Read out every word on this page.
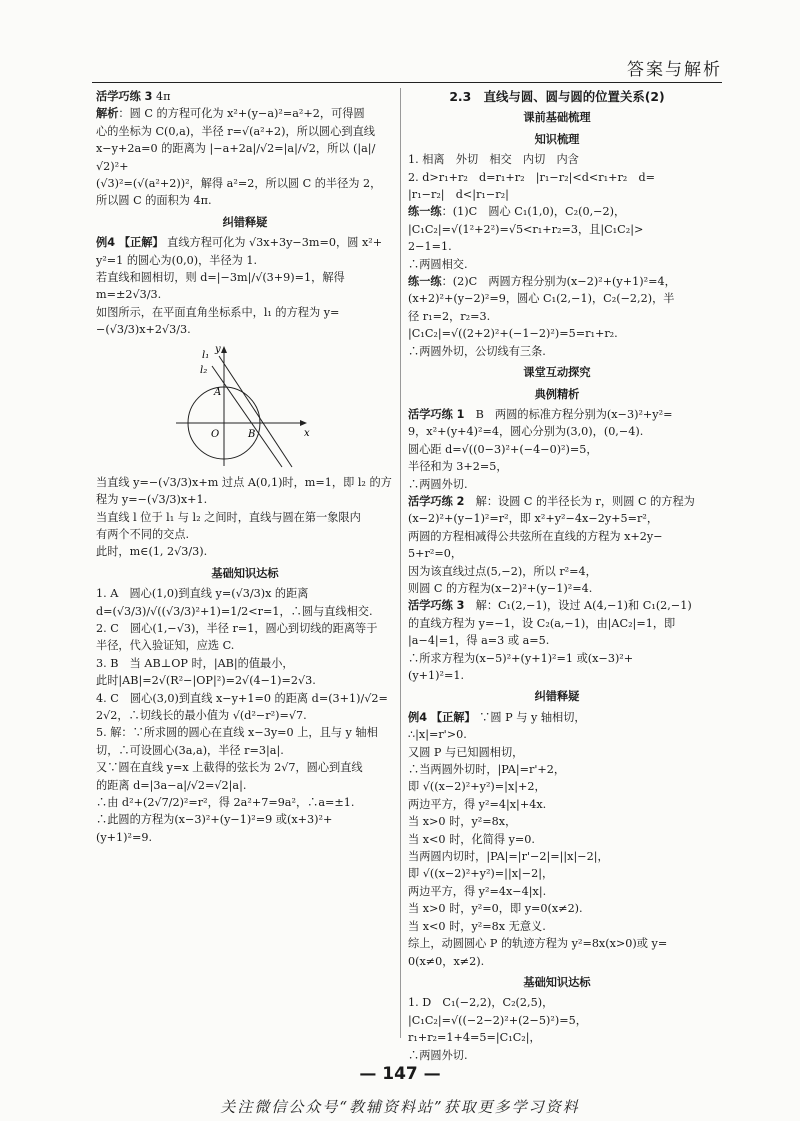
答案与解析
活学巧练 3 4π
解析：圆 C 的方程可化为 x²+(y−a)²=a²+2，可得圆
心的坐标为 C(0,a)，半径 r=√(a²+2)，所以圆心到直线
x−y+2a=0 的距离为 |−a+2a|/√2=|a|/√2，所以 (|a|/√2)²+
(√3)²=(√(a²+2))²，解得 a²=2，所以圆 C 的半径为 2，
所以圆 C 的面积为 4π.
纠错释疑
例4 【正解】 直线方程可化为 √3x+3y−3m=0，圆 x²+
y²=1 的圆心为(0,0)，半径为 1.
若直线和圆相切，则 d=|−3m|/√(3+9)=1，解得 m=±2√3/3.
如图所示，在平面直角坐标系中，l₁ 的方程为 y=
−(√3/3)x+2√3/3.
y
l₁
l₂
A
O	B	x
当直线 y=−(√3/3)x+m 过点 A(0,1)时，m=1，即 l₂ 的方
程为 y=−(√3/3)x+1.
当直线 l 位于 l₁ 与 l₂ 之间时，直线与圆在第一象限内
有两个不同的交点.
此时，m∈(1, 2√3/3).
基础知识达标
1. A　圆心(1,0)到直线 y=(√3/3)x 的距离
d=(√3/3)/√((√3/3)²+1)=1/2<r=1，∴圆与直线相交.
2. C　圆心(1,−√3)，半径 r=1，圆心到切线的距离等于
半径，代入验证知，应选 C.
3. B　当 AB⊥OP 时，|AB|的值最小，
此时|AB|=2√(R²−|OP|²)=2√(4−1)=2√3.
4. C　圆心(3,0)到直线 x−y+1=0 的距离 d=(3+1)/√2=
2√2，∴切线长的最小值为 √(d²−r²)=√7.
5. 解：∵所求圆的圆心在直线 x−3y=0 上，且与 y 轴相
切，∴可设圆心(3a,a)，半径 r=3|a|.
又∵圆在直线 y=x 上截得的弦长为 2√7，圆心到直线
的距离 d=|3a−a|/√2=√2|a|.
∴由 d²+(2√7/2)²=r²，得 2a²+7=9a²，∴a=±1.
∴此圆的方程为(x−3)²+(y−1)²=9 或(x+3)²+
(y+1)²=9.
2.3　直线与圆、圆与圆的位置关系(2)
课前基础梳理
知识梳理
1. 相离　外切　相交　内切　内含
2. d>r₁+r₂　d=r₁+r₂　|r₁−r₂|<d<r₁+r₂　d=
|r₁−r₂|　d<|r₁−r₂|
练一练：(1)C　圆心 C₁(1,0)，C₂(0,−2)，
|C₁C₂|=√(1²+2²)=√5<r₁+r₂=3，且|C₁C₂|>
2−1=1.
∴两圆相交.
练一练：(2)C　两圆方程分别为(x−2)²+(y+1)²=4，
(x+2)²+(y−2)²=9，圆心 C₁(2,−1)，C₂(−2,2)，半
径 r₁=2，r₂=3.
|C₁C₂|=√((2+2)²+(−1−2)²)=5=r₁+r₂.
∴两圆外切，公切线有三条.
课堂互动探究
典例精析
活学巧练 1　B　两圆的标准方程分别为(x−3)²+y²=
9，x²+(y+4)²=4，圆心分别为(3,0)，(0,−4).
圆心距 d=√((0−3)²+(−4−0)²)=5，
半径和为 3+2=5，
∴两圆外切.
活学巧练 2　解：设圆 C 的半径长为 r，则圆 C 的方程为
(x−2)²+(y−1)²=r²，即 x²+y²−4x−2y+5=r²，
两圆的方程相减得公共弦所在直线的方程为 x+2y−
5+r²=0，
因为该直线过点(5,−2)，所以 r²=4，
则圆 C 的方程为(x−2)²+(y−1)²=4.
活学巧练 3　解：C₁(2,−1)，设过 A(4,−1)和 C₁(2,−1)
的直线方程为 y=−1，设 C₂(a,−1)，由|AC₂|=1，即
|a−4|=1，得 a=3 或 a=5.
∴所求方程为(x−5)²+(y+1)²=1 或(x−3)²+
(y+1)²=1.
纠错释疑
例4 【正解】 ∵圆 P 与 y 轴相切，
∴|x|=r'>0.
又圆 P 与已知圆相切，
∴当两圆外切时，|PA|=r'+2，
即 √((x−2)²+y²)=|x|+2，
两边平方，得 y²=4|x|+4x.
当 x>0 时，y²=8x，
当 x<0 时，化简得 y=0.
当两圆内切时，|PA|=|r'−2|=||x|−2|，
即 √((x−2)²+y²)=||x|−2|，
两边平方，得 y²=4x−4|x|.
当 x>0 时，y²=0，即 y=0(x≠2).
当 x<0 时，y²=8x 无意义.
综上，动圆圆心 P 的轨迹方程为 y²=8x(x>0)或 y=
0(x≠0，x≠2).
基础知识达标
1. D　C₁(−2,2)，C₂(2,5)，
|C₁C₂|=√((−2−2)²+(2−5)²)=5，
r₁+r₂=1+4=5=|C₁C₂|，
∴两圆外切.
— 147 —
关注微信公众号“教辅资料站”获取更多学习资料
